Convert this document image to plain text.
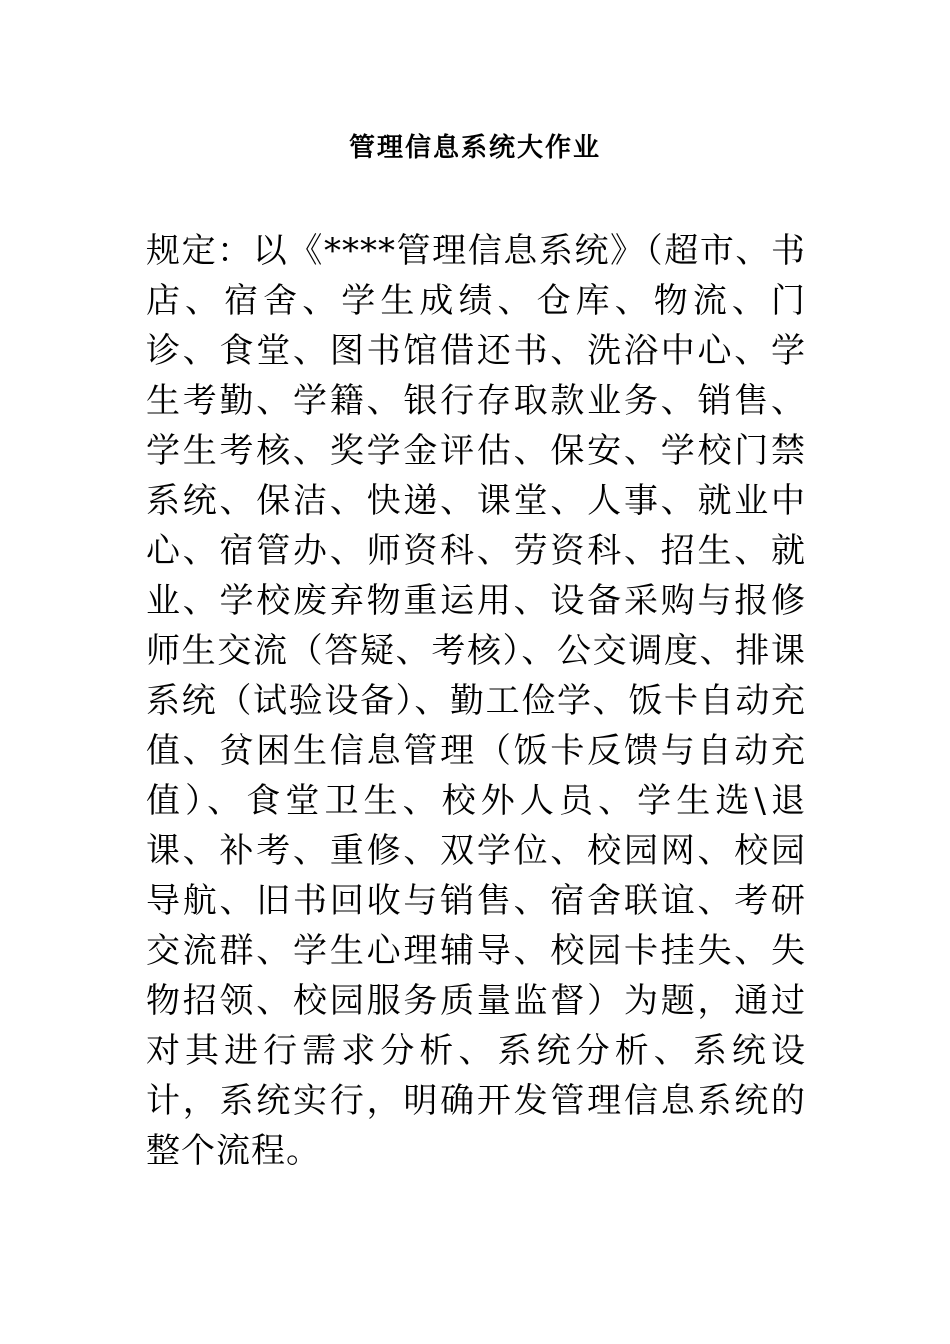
管理信息系统大作业

规定：以《****管理信息系统》（超市、书店、宿舍、学生成绩、仓库、物流、门诊、食堂、图书馆借还书、洗浴中心、学生考勤、学籍、银行存取款业务、销售、学生考核、奖学金评估、保安、学校门禁系统、保洁、快递、课堂、人事、就业中心、宿管办、师资科、劳资科、招生、就业、学校废弃物重运用、设备采购与报修师生交流（答疑、考核）、公交调度、排课系统（试验设备）、勤工俭学、饭卡自动充值、贫困生信息管理（饭卡反馈与自动充值）、食堂卫生、校外人员、学生选\退课、补考、重修、双学位、校园网、校园导航、旧书回收与销售、宿舍联谊、考研交流群、学生心理辅导、校园卡挂失、失物招领、校园服务质量监督）为题，通过对其进行需求分析、系统分析、系统设计，系统实行，明确开发管理信息系统的整个流程。
